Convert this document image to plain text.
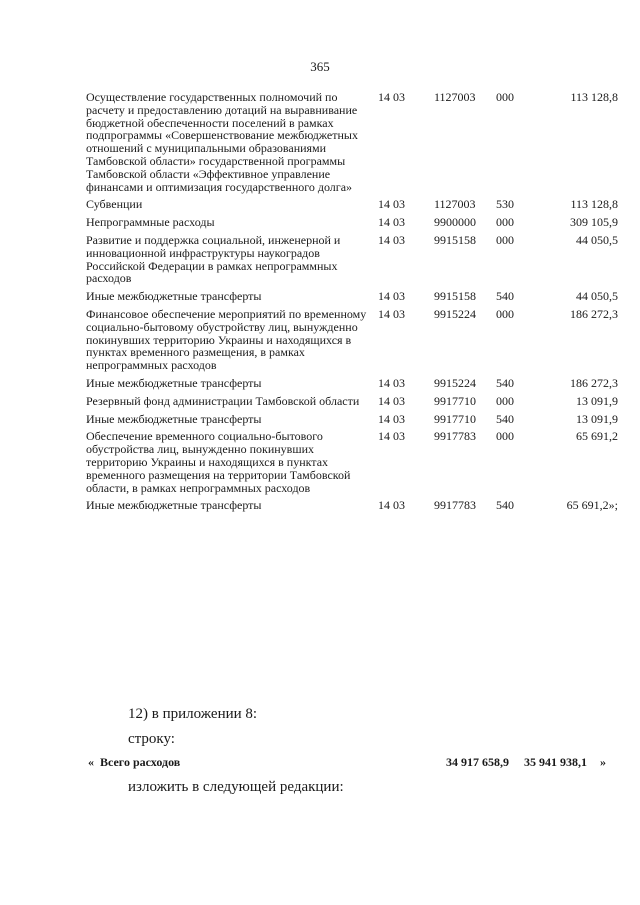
365
Осуществление государственных полномочий по расчету и предоставлению дотаций на выравнивание бюджетной обеспеченности поселений в рамках подпрограммы «Совершенствование межбюджетных отношений с муниципальными образованиями Тамбовской области» государственной программы Тамбовской области «Эффективное управление финансами и оптимизация государственного долга»	14 03	1127003	000	113 128,8
Субвенции	14 03	1127003	530	113 128,8
Непрограммные расходы	14 03	9900000	000	309 105,9
Развитие и поддержка социальной, инженерной и инновационной инфраструктуры наукоградов Российской Федерации в рамках непрограммных расходов	14 03	9915158	000	44 050,5
Иные межбюджетные трансферты	14 03	9915158	540	44 050,5
Финансовое обеспечение мероприятий по временному социально-бытовому обустройству лиц, вынужденно покинувших территорию Украины и находящихся в пунктах временного размещения, в рамках непрограммных расходов	14 03	9915224	000	186 272,3
Иные межбюджетные трансферты	14 03	9915224	540	186 272,3
Резервный фонд администрации Тамбовской области	14 03	9917710	000	13 091,9
Иные межбюджетные трансферты	14 03	9917710	540	13 091,9
Обеспечение временного социально-бытового обустройства лиц, вынужденно покинувших территорию Украины и находящихся в пунктах временного размещения на территории Тамбовской области, в рамках непрограммных расходов	14 03	9917783	000	65 691,2
Иные межбюджетные трансферты	14 03	9917783	540	65 691,2»;
12) в приложении 8:
строку:
« Всего расходов	34 917 658,9 35 941 938,1 »
изложить в следующей редакции:
